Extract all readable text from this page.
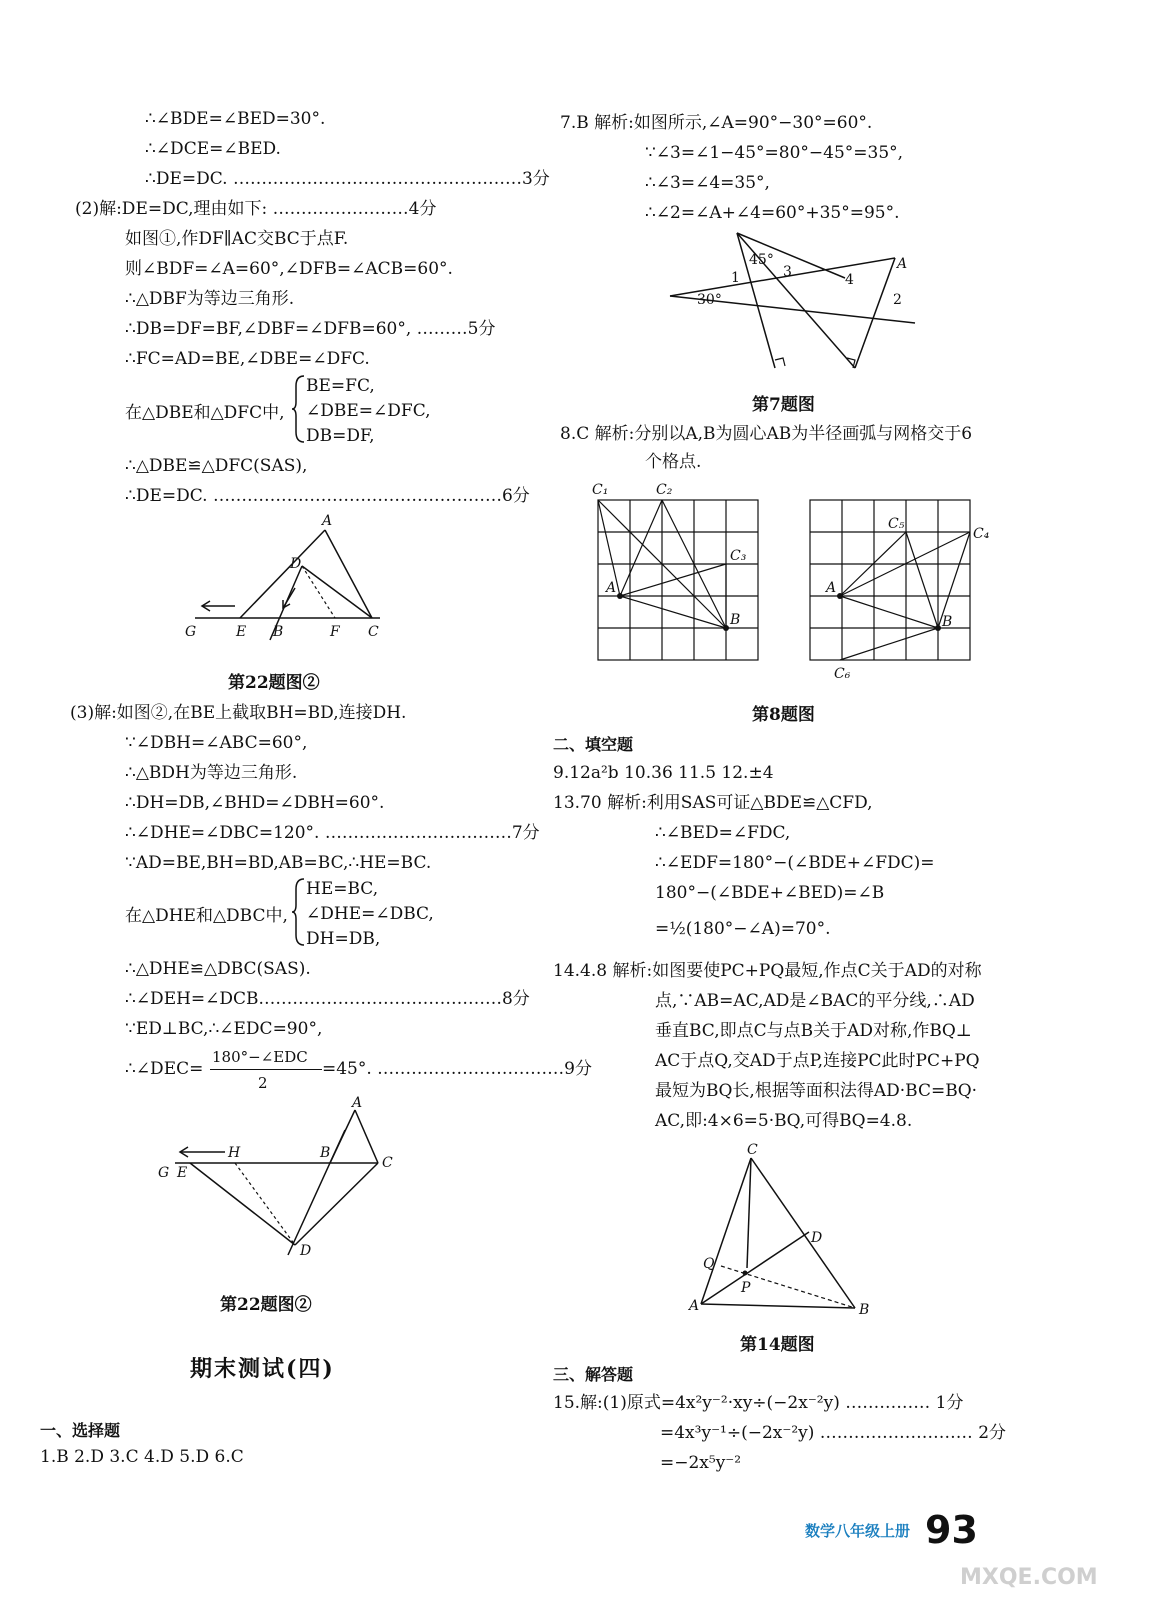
∴∠BDE=∠BED=30°.
∴∠DCE=∠BED.
∴DE=DC. ……………………………………………3分
(2)解:DE=DC,理由如下: ……………………4分
如图①,作DF∥AC交BC于点F.
则∠BDF=∠A=60°,∠DFB=∠ACB=60°.
∴△DBF为等边三角形.
∴DB=DF=BF,∠DBF=∠DFB=60°, ………5分
∴FC=AD=BE,∠DBE=∠DFC.
在△DBE和△DFC中,
BE=FC,
∠DBE=∠DFC,
DB=DF,
∴△DBE≌△DFC(SAS),
∴DE=DC. ……………………………………………6分
A
D
G	E B	F C
第22题图②
(3)解:如图②,在BE上截取BH=BD,连接DH.
∵∠DBH=∠ABC=60°,
∴△BDH为等边三角形.
∴DH=DB,∠BHD=∠DBH=60°.
∴∠DHE=∠DBC=120°. ……………………………7分
∵AD=BE,BH=BD,AB=BC,∴HE=BC.
在△DHE和△DBC中,
HE=BC,
∠DHE=∠DBC,
DH=DB,
∴△DHE≌△DBC(SAS).
∴∠DEH=∠DCB.……………………………………8分
∵ED⊥BC,∴∠EDC=90°,
∴∠DEC=
180°−∠EDC
2
=45°. ……………………………9分
A
H	B
C
G E
D
第22题图②
期末测试(四)
一、选择题
1.B 2.D 3.C 4.D 5.D 6.C
7.B 解析:如图所示,∠A=90°−30°=60°.
∵∠3=∠1−45°=80°−45°=35°,
∴∠3=∠4=35°,
∴∠2=∠A+∠4=60°+35°=95°.
45°
1	3	4
A
30°	2
第7题图
8.C 解析:分别以A,B为圆心AB为半径画弧与网格交于6
个格点.
C₁	C₂
C₃
A
B
C₅
C₄
A
B
C₆
第8题图
二、填空题
9.12a²b 10.36 11.5 12.±4
13.70 解析:利用SAS可证△BDE≌△CFD,
∴∠BED=∠FDC,
∴∠EDF=180°−(∠BDE+∠FDC)=
180°−(∠BDE+∠BED)=∠B
=½(180°−∠A)=70°.
14.4.8 解析:如图要使PC+PQ最短,作点C关于AD的对称
点,∵AB=AC,AD是∠BAC的平分线,∴AD
垂直BC,即点C与点B关于AD对称,作BQ⊥
AC于点Q,交AD于点P,连接PC此时PC+PQ
最短为BQ长,根据等面积法得AD·BC=BQ·
AC,即:4×6=5·BQ,可得BQ=4.8.
C
D
Q
P
A	B
第14题图
三、解答题
15.解:(1)原式=4x²y⁻²·xy÷(−2x⁻²y) …………… 1分
=4x³y⁻¹÷(−2x⁻²y) ……………………… 2分
=−2x⁵y⁻²
数学八年级上册 93
MXQE.COM
